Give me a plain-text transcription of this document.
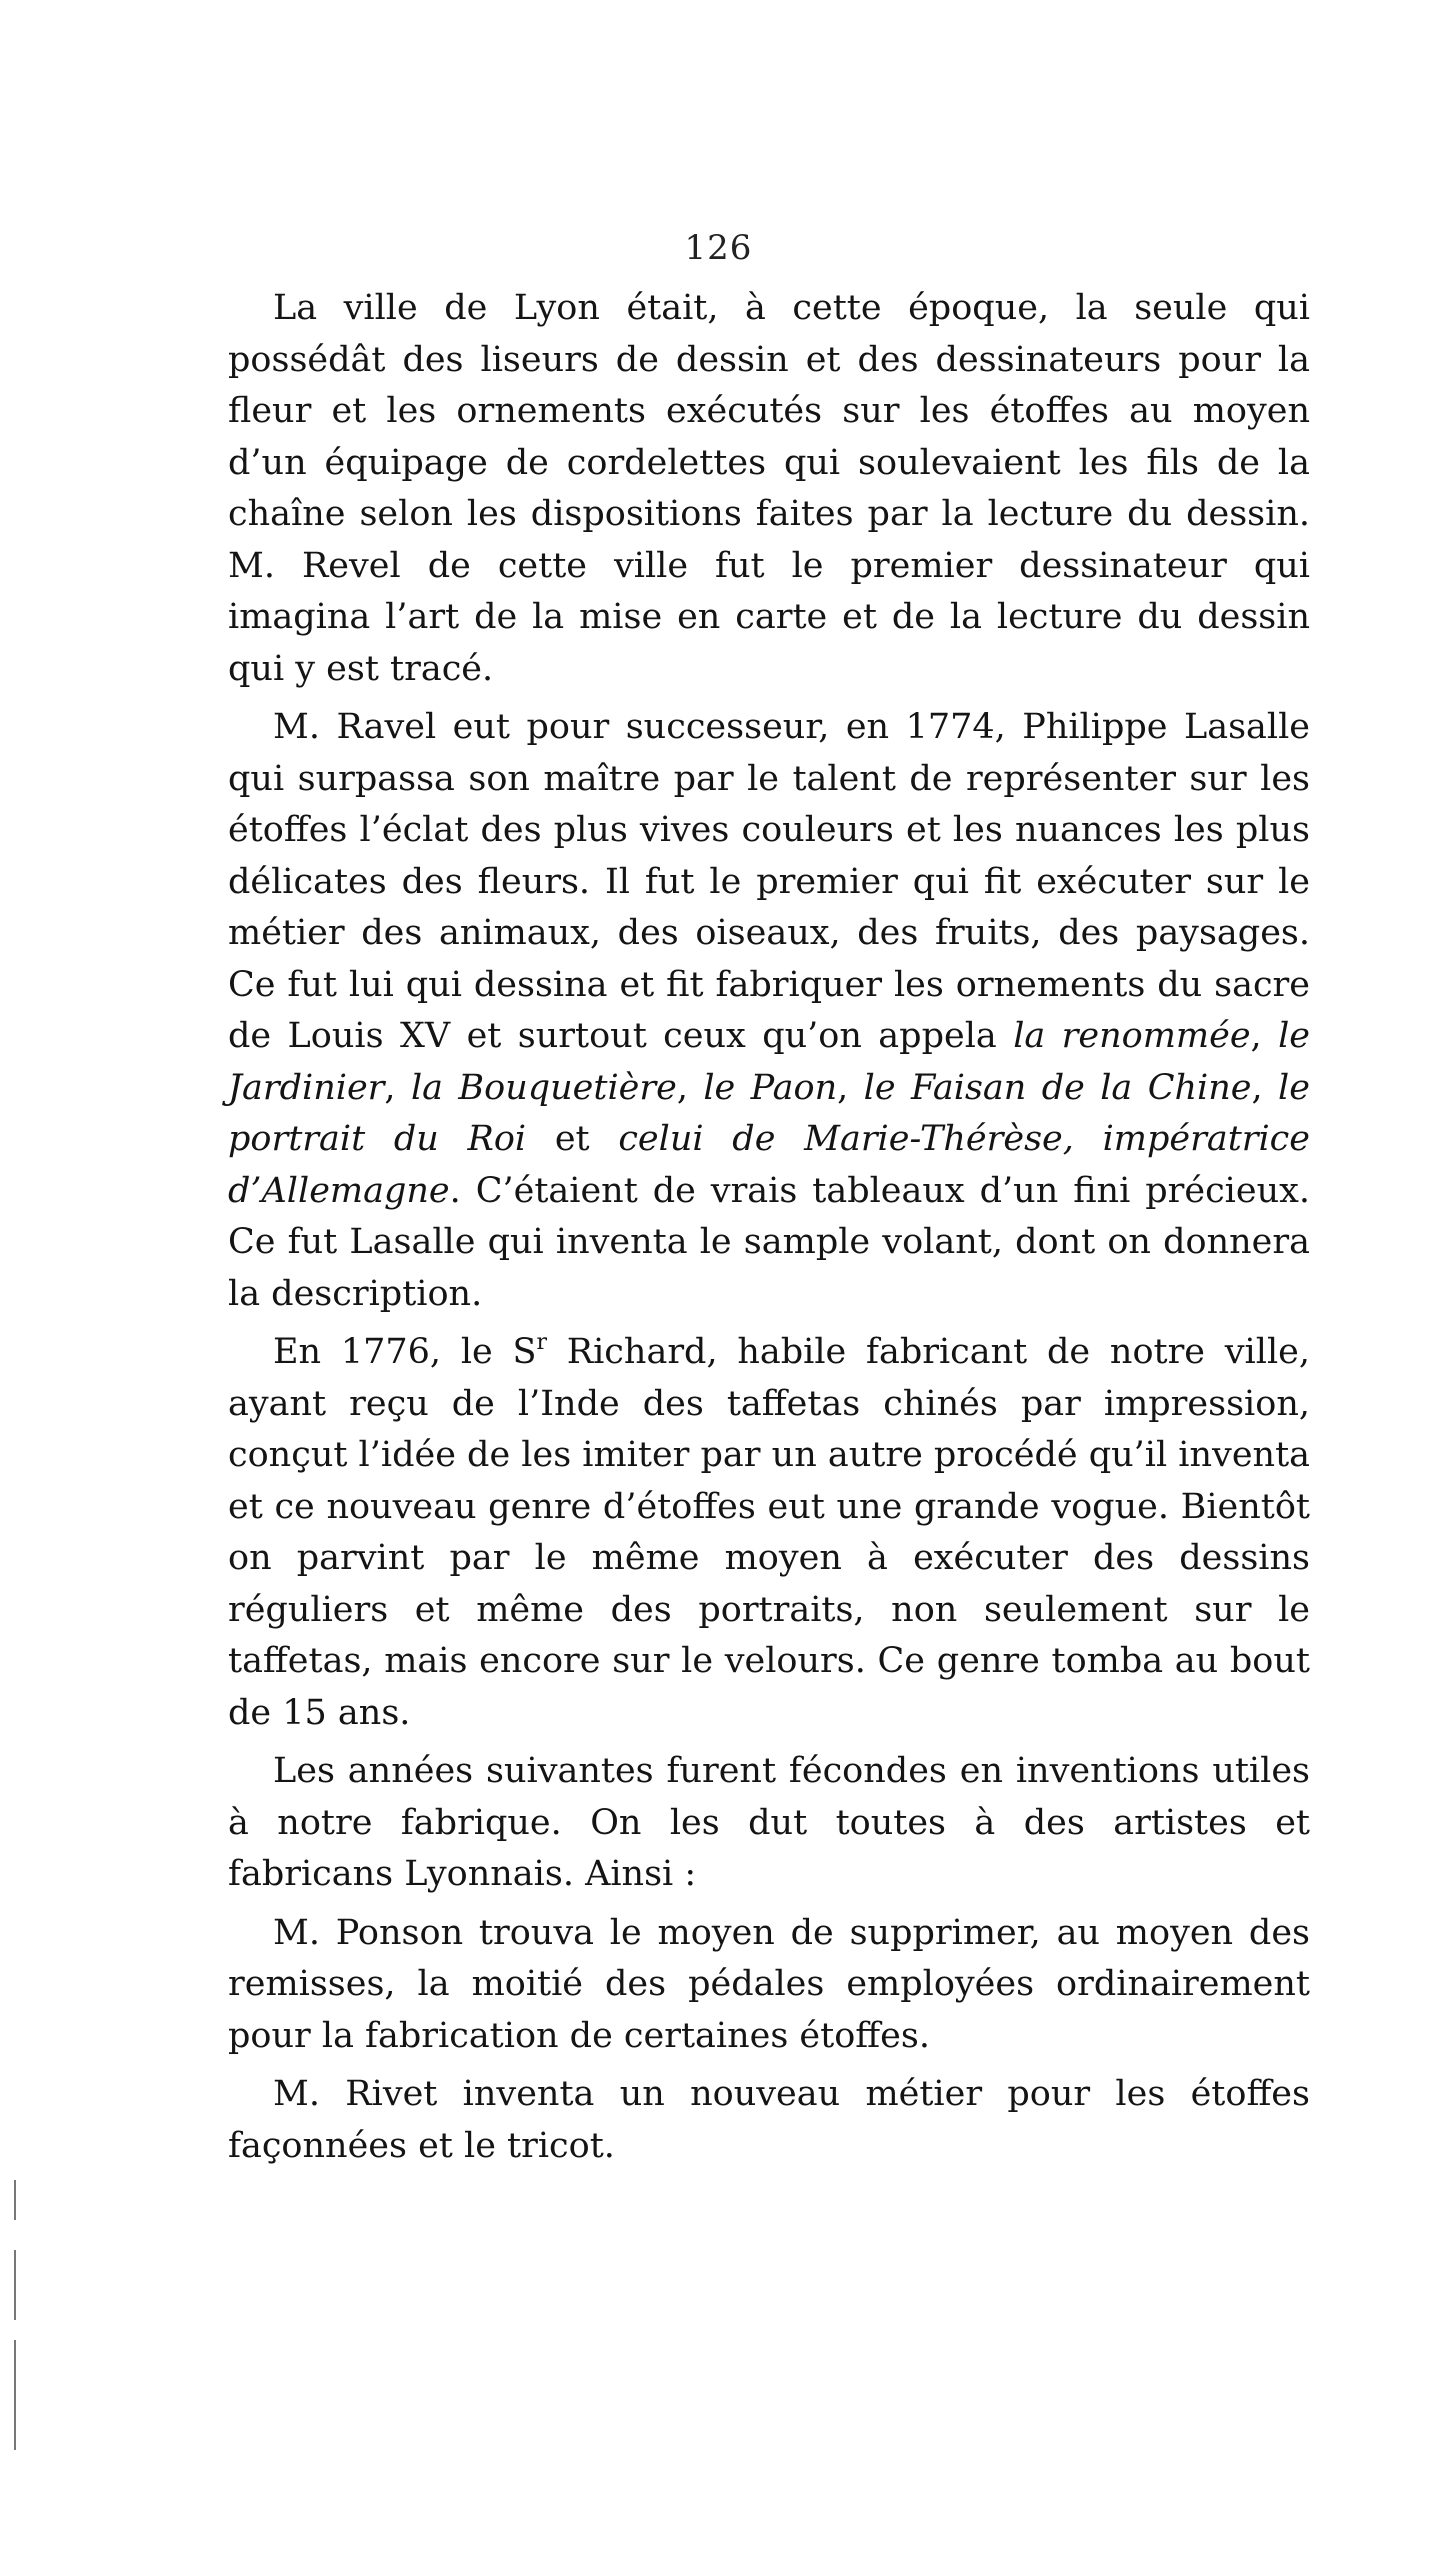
126

La ville de Lyon était, à cette époque, la seule qui possédât des liseurs de dessin et des dessinateurs pour la fleur et les ornements exécutés sur les étoffes au moyen d’un équipage de cordelettes qui soulevaient les fils de la chaîne selon les dispositions faites par la lecture du dessin. M. Revel de cette ville fut le premier dessinateur qui imagina l’art de la mise en carte et de la lecture du dessin qui y est tracé.

M. Ravel eut pour successeur, en 1774, Philippe Lasalle qui surpassa son maître par le talent de représenter sur les étoffes l’éclat des plus vives couleurs et les nuances les plus délicates des fleurs. Il fut le premier qui fit exécuter sur le métier des animaux, des oiseaux, des fruits, des paysages. Ce fut lui qui dessina et fit fabriquer les ornements du sacre de Louis XV et surtout ceux qu’on appela la renommée, le Jardinier, la Bouquetière, le Paon, le Faisan de la Chine, le portrait du Roi et celui de Marie-Thérèse, impératrice d’Allemagne. C’étaient de vrais tableaux d’un fini précieux. Ce fut Lasalle qui inventa le sample volant, dont on donnera la description.

En 1776, le $S^r$ Richard, habile fabricant de notre ville, ayant reçu de l’Inde des taffetas chinés par impression, conçut l’idée de les imiter par un autre procédé qu’il inventa et ce nouveau genre d’étoffes eut une grande vogue. Bientôt on parvint par le même moyen à exécuter des dessins réguliers et même des portraits, non seulement sur le taffetas, mais encore sur le velours. Ce genre tomba au bout de 15 ans.

Les années suivantes furent fécondes en inventions utiles à notre fabrique. On les dut toutes à des artistes et fabricans Lyonnais. Ainsi :

M. Ponson trouva le moyen de supprimer, au moyen des remisses, la moitié des pédales employées ordinairement pour la fabrication de certaines étoffes.

M. Rivet inventa un nouveau métier pour les étoffes façonnées et le tricot.
